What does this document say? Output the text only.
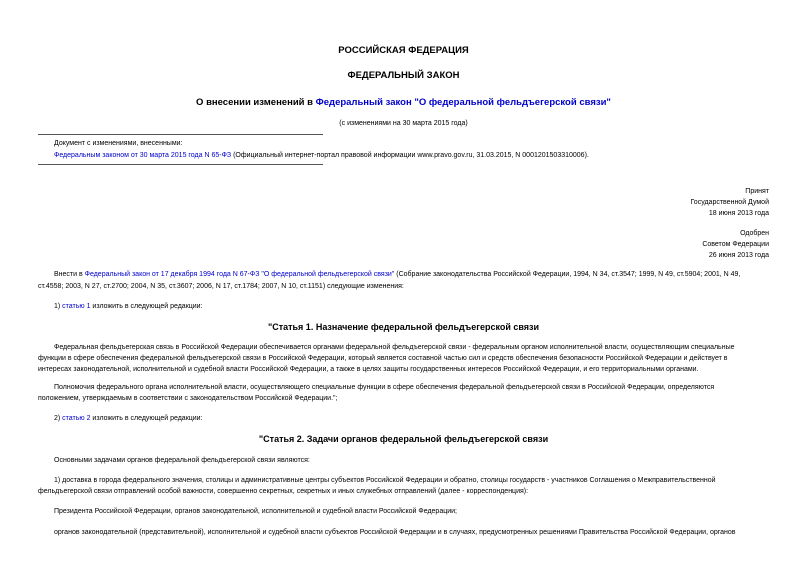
РОССИЙСКАЯ ФЕДЕРАЦИЯ
ФЕДЕРАЛЬНЫЙ ЗАКОН
О внесении изменений в Федеральный закон "О федеральной фельдъегерской связи"
(с изменениями на 30 марта 2015 года)
Документ с изменениями, внесенными:
Федеральным законом от 30 марта 2015 года N 65-ФЗ (Официальный интернет-портал правовой информации www.pravo.gov.ru, 31.03.2015, N 0001201503310006).
Принят
Государственной Думой
18 июня 2013 года
Одобрен
Советом Федерации
26 июня 2013 года
Внести в Федеральный закон от 17 декабря 1994 года N 67-ФЗ "О федеральной фельдъегерской связи" (Собрание законодательства Российской Федерации, 1994, N 34, ст.3547; 1999, N 49, ст.5904; 2001, N 49,
ст.4558; 2003, N 27, ст.2700; 2004, N 35, ст.3607; 2006, N 17, ст.1784; 2007, N 10, ст.1151) следующие изменения:
1) статью 1 изложить в следующей редакции:
"Статья 1. Назначение федеральной фельдъегерской связи
Федеральная фельдъегерская связь в Российской Федерации обеспечивается органами федеральной фельдъегерской связи - федеральным органом исполнительной власти, осуществляющим специальные
функции в сфере обеспечения федеральной фельдъегерской связи в Российской Федерации, который является составной частью сил и средств обеспечения безопасности Российской Федерации и действует в
интересах законодательной, исполнительной и судебной власти Российской Федерации, а также в целях защиты государственных интересов Российской Федерации, и его территориальными органами.
Полномочия федерального органа исполнительной власти, осуществляющего специальные функции в сфере обеспечения федеральной фельдъегерской связи в Российской Федерации, определяются
положением, утверждаемым в соответствии с законодательством Российской Федерации.";
2) статью 2 изложить в следующей редакции:
"Статья 2. Задачи органов федеральной фельдъегерской связи
Основными задачами органов федеральной фельдъегерской связи являются:
1) доставка в города федерального значения, столицы и административные центры субъектов Российской Федерации и обратно, столицы государств - участников Соглашения о Межправительственной
фельдъегерской связи отправлений особой важности, совершенно секретных, секретных и иных служебных отправлений (далее - корреспонденция):
Президента Российской Федерации, органов законодательной, исполнительной и судебной власти Российской Федерации;
органов законодательной (представительной), исполнительной и судебной власти субъектов Российской Федерации и в случаях, предусмотренных решениями Правительства Российской Федерации, органов
